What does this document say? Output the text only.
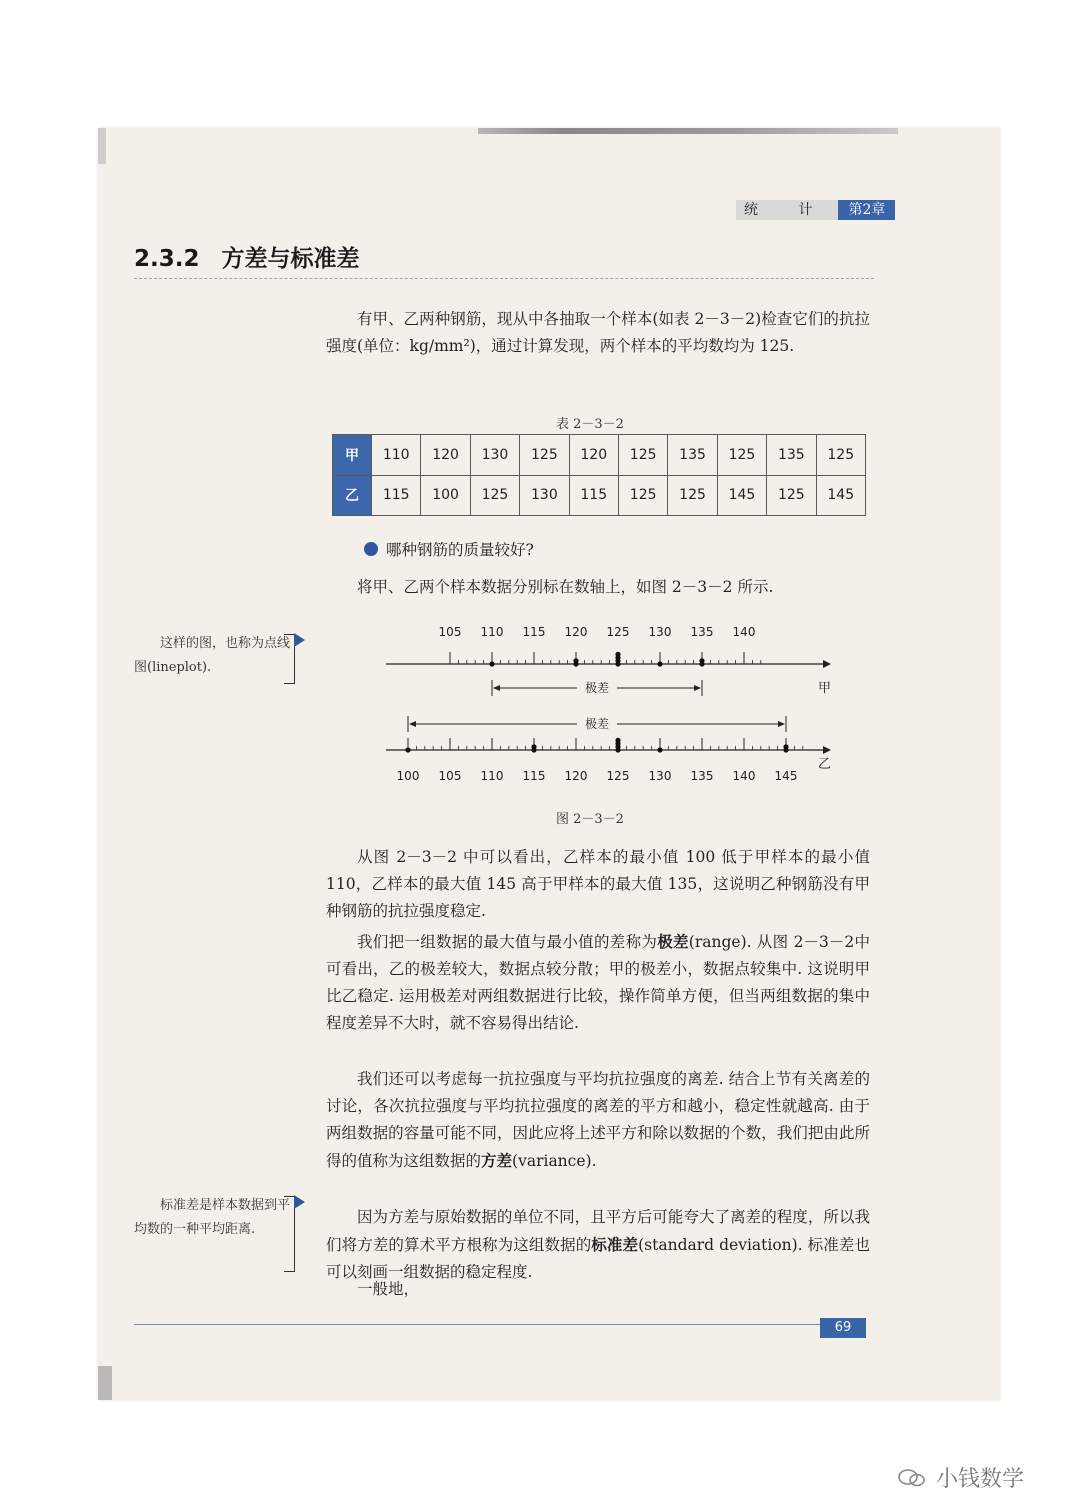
统 计	第2章
2.3.2 方差与标准差

有甲、乙两种钢筋，现从中各抽取一个样本(如表 2－3－2)检查它们的抗拉强度(单位：kg/mm²)，通过计算发现，两个样本的平均数均为 125.

表 2－3－2
甲	110	120	130	125	120	125	135	125	135	125
乙	115	100	125	130	115	125	125	145	125	145
哪种钢筋的质量较好?

将甲、乙两个样本数据分别标在数轴上，如图 2－3－2 所示.

这样的图，也称为点线图(lineplot).
105 110 115 120 125 130 135 140
极差	甲
极差
100 105 110 115 120 125 130 135 140 145
乙
图 2－3－2

从图 2－3－2 中可以看出，乙样本的最小值 100 低于甲样本的最小值 110，乙样本的最大值 145 高于甲样本的最大值 135，这说明乙种钢筋没有甲种钢筋的抗拉强度稳定.

我们把一组数据的最大值与最小值的差称为极差(range). 从图 2－3－2中可看出，乙的极差较大，数据点较分散；甲的极差小，数据点较集中. 这说明甲比乙稳定. 运用极差对两组数据进行比较，操作简单方便，但当两组数据的集中程度差异不大时，就不容易得出结论.

我们还可以考虑每一抗拉强度与平均抗拉强度的离差. 结合上节有关离差的讨论，各次抗拉强度与平均抗拉强度的离差的平方和越小，稳定性就越高. 由于两组数据的容量可能不同，因此应将上述平方和除以数据的个数，我们把由此所得的值称为这组数据的方差(variance).

标准差是样本数据到平均数的一种平均距离.

因为方差与原始数据的单位不同，且平方后可能夸大了离差的程度，所以我们将方差的算术平方根称为这组数据的标准差(standard deviation). 标准差也可以刻画一组数据的稳定程度.

一般地，

69
小钱数学
